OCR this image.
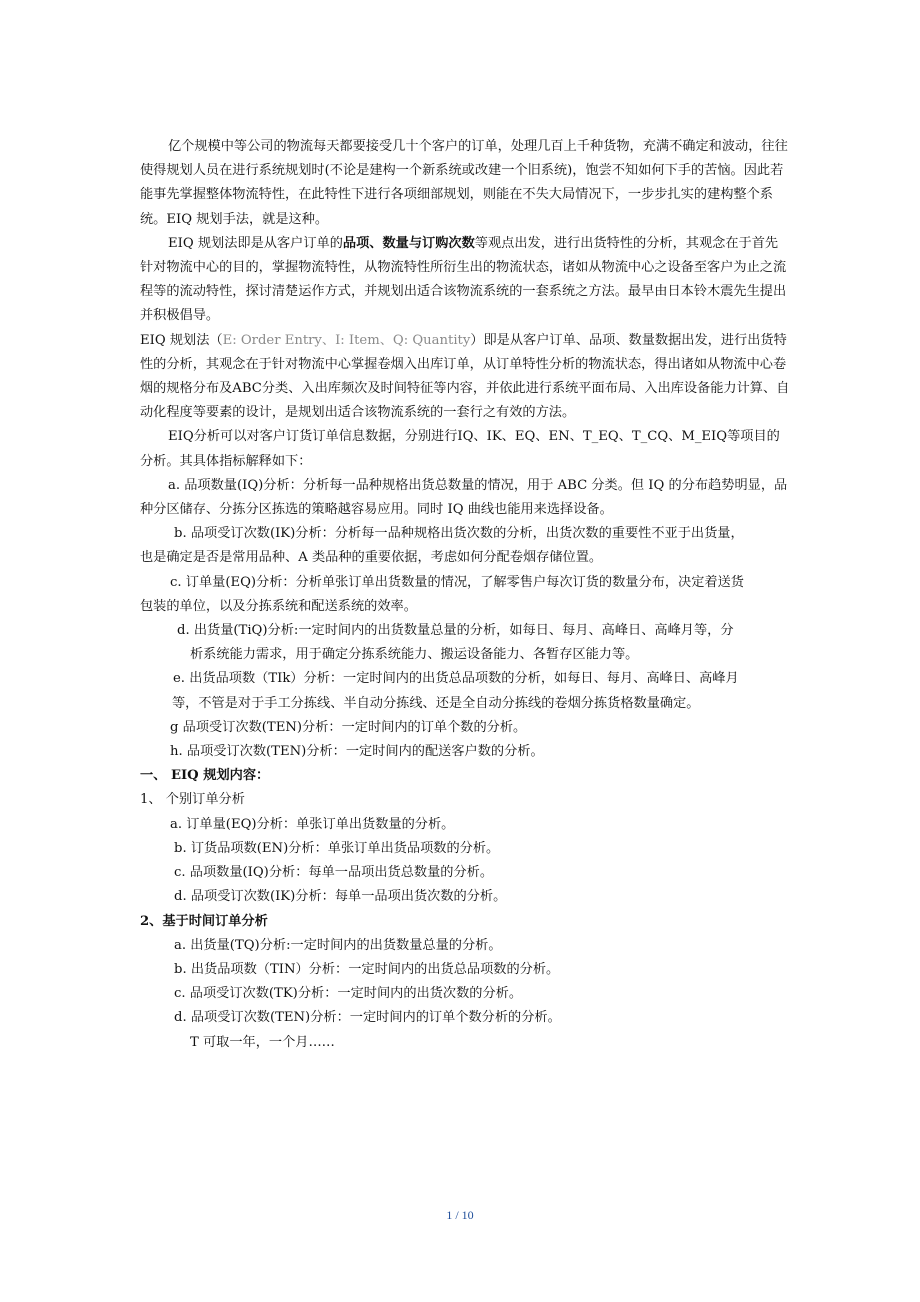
亿个规模中等公司的物流每天都要接受几十个客户的订单，处理几百上千种货物，充满不确定和波动，往往使得规划人员在进行系统规划时(不论是建构一个新系统或改建一个旧系统)，饱尝不知如何下手的苦恼。因此若能事先掌握整体物流特性，在此特性下进行各项细部规划，则能在不失大局情况下，一步步扎实的建构整个系统。EIQ 规划手法，就是这种。

EIQ 规划法即是从客户订单的品项、数量与订购次数等观点出发，进行出货特性的分析，其观念在于首先针对物流中心的目的，掌握物流特性，从物流特性所衍生出的物流状态，诸如从物流中心之设备至客户为止之流程等的流动特性，探讨清楚运作方式，并规划出适合该物流系统的一套系统之方法。最早由日本铃木震先生提出并积极倡导。

EIQ 规划法（E: Order Entry、I: Item、Q: Quantity）即是从客户订单、品项、数量数据出发，进行出货特性的分析，其观念在于针对物流中心掌握卷烟入出库订单，从订单特性分析的物流状态，得出诸如从物流中心卷烟的规格分布及ABC分类、入出库频次及时间特征等内容，并依此进行系统平面布局、入出库设备能力计算、自动化程度等要素的设计，是规划出适合该物流系统的一套行之有效的方法。

EIQ分析可以对客户订货订单信息数据，分别进行IQ、IK、EQ、EN、T_EQ、T_CQ、M_EIQ等项目的分析。其具体指标解释如下：

a. 品项数量(IQ)分析：分析每一品种规格出货总数量的情况，用于 ABC 分类。但 IQ 的分布趋势明显，品种分区储存、分拣分区拣选的策略越容易应用。同时 IQ 曲线也能用来选择设备。

b. 品项受订次数(IK)分析：分析每一品种规格出货次数的分析，出货次数的重要性不亚于出货量，
也是确定是否是常用品种、A 类品种的重要依据，考虑如何分配卷烟存储位置。
c. 订单量(EQ)分析：分析单张订单出货数量的情况，了解零售户每次订货的数量分布，决定着送货
包装的单位，以及分拣系统和配送系统的效率。
d. 出货量(TiQ)分析:一定时间内的出货数量总量的分析，如每日、每月、高峰日、高峰月等，分
析系统能力需求，用于确定分拣系统能力、搬运设备能力、各暂存区能力等。
e. 出货品项数（TIk）分析：一定时间内的出货总品项数的分析，如每日、每月、高峰日、高峰月
等，不管是对于手工分拣线、半自动分拣线、还是全自动分拣线的卷烟分拣货格数量确定。
g 品项受订次数(TEN)分析：一定时间内的订单个数的分析。
h. 品项受订次数(TEN)分析：一定时间内的配送客户数的分析。
一、 EIQ 规划内容：
1、 个别订单分析
a. 订单量(EQ)分析：单张订单出货数量的分析。
b. 订货品项数(EN)分析：单张订单出货品项数的分析。
c. 品项数量(IQ)分析：每单一品项出货总数量的分析。
d. 品项受订次数(IK)分析：每单一品项出货次数的分析。
2、基于时间订单分析
a. 出货量(TQ)分析:一定时间内的出货数量总量的分析。
b. 出货品项数（TIN）分析：一定时间内的出货总品项数的分析。
c. 品项受订次数(TK)分析：一定时间内的出货次数的分析。
d. 品项受订次数(TEN)分析：一定时间内的订单个数分析的分析。
T 可取一年，一个月……
1 / 10
